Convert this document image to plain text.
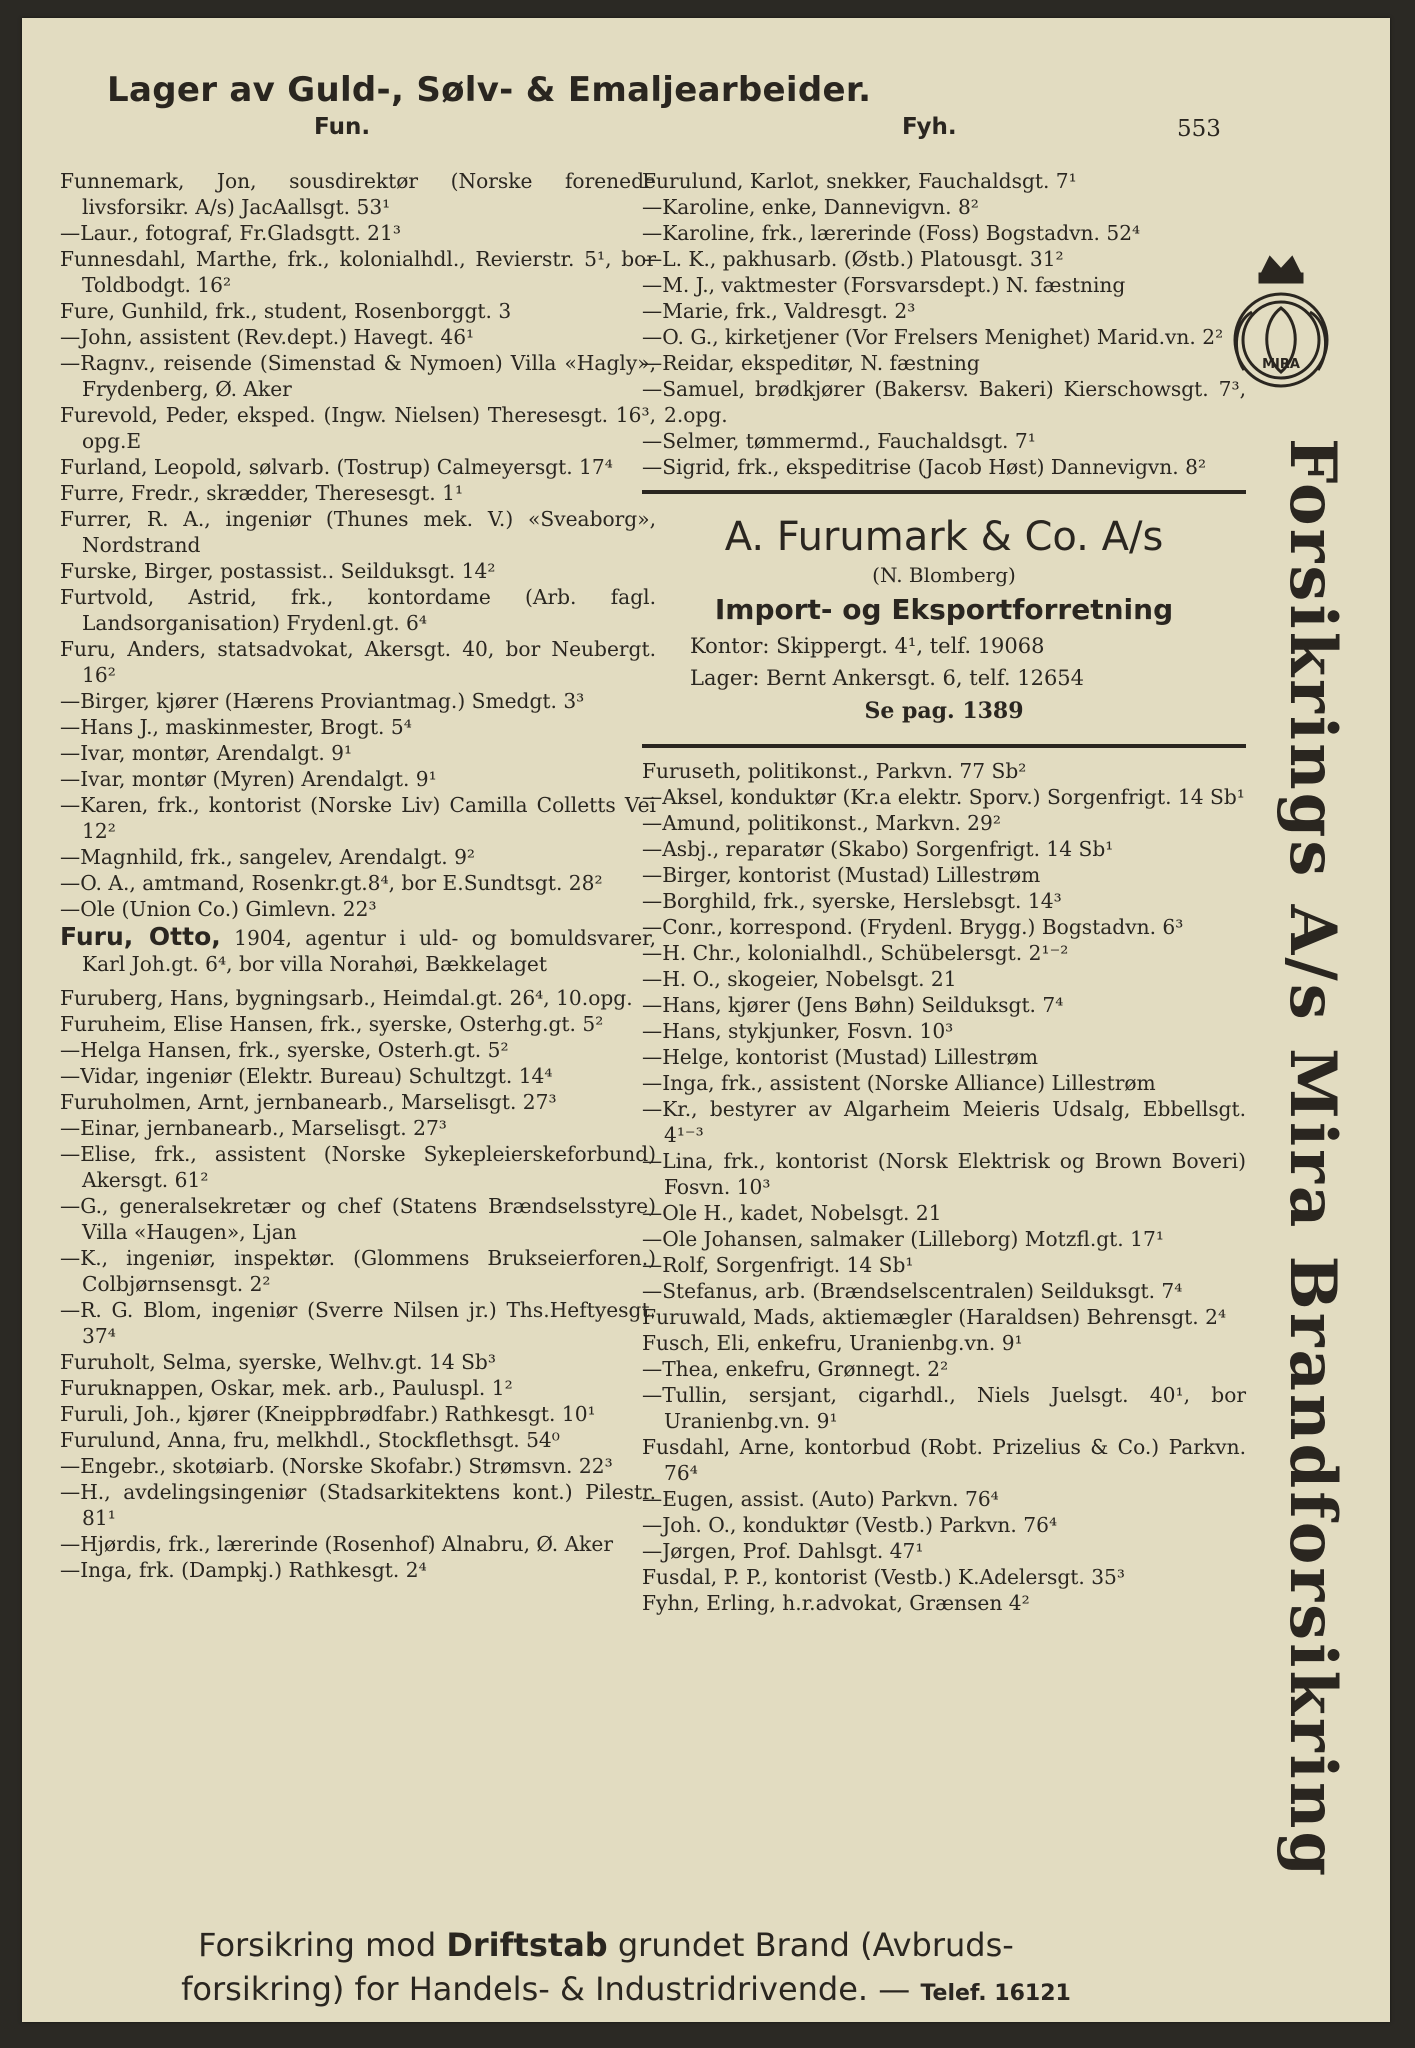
Lager av Guld-, Sølv- & Emaljearbeider.
Fun.	Fyh.	553

Funnemark, Jon, sousdirektør (Norske forenede livsforsikr. A/s) JacAallsgt. 53¹

—Laur., fotograf, Fr.Gladsgtt. 21³

Funnesdahl, Marthe, frk., kolonialhdl., Revierstr. 5¹, bor Toldbodgt. 16²

Fure, Gunhild, frk., student, Rosenborggt. 3

—John, assistent (Rev.dept.) Havegt. 46¹

—Ragnv., reisende (Simenstad & Nymoen) Villa «Hagly», Frydenberg, Ø. Aker

Furevold, Peder, eksped. (Ingw. Nielsen) Theresesgt. 16³, opg.E

Furland, Leopold, sølvarb. (Tostrup) Calmeyersgt. 17⁴

Furre, Fredr., skrædder, Theresesgt. 1¹

Furrer, R. A., ingeniør (Thunes mek. V.) «Sveaborg», Nordstrand

Furske, Birger, postassist.. Seilduksgt. 14²

Furtvold, Astrid, frk., kontordame (Arb. fagl. Landsorganisation) Frydenl.gt. 6⁴

Furu, Anders, statsadvokat, Akersgt. 40, bor Neubergt. 16²

—Birger, kjører (Hærens Proviantmag.) Smedgt. 3³

—Hans J., maskinmester, Brogt. 5⁴

—Ivar, montør, Arendalgt. 9¹

—Ivar, montør (Myren) Arendalgt. 9¹

—Karen, frk., kontorist (Norske Liv) Camilla Colletts Vei 12²

—Magnhild, frk., sangelev, Arendalgt. 9²

—O. A., amtmand, Rosenkr.gt.8⁴, bor E.Sundtsgt. 28²

—Ole (Union Co.) Gimlevn. 22³

Furu, Otto, 1904, agentur i uld- og bomuldsvarer, Karl Joh.gt. 6⁴, bor villa Norahøi, Bækkelaget

Furuberg, Hans, bygningsarb., Heimdal.gt. 26⁴, 10.opg.

Furuheim, Elise Hansen, frk., syerske, Osterhg.gt. 5²

—Helga Hansen, frk., syerske, Osterh.gt. 5²

—Vidar, ingeniør (Elektr. Bureau) Schultzgt. 14⁴

Furuholmen, Arnt, jernbanearb., Marselisgt. 27³

—Einar, jernbanearb., Marselisgt. 27³

—Elise, frk., assistent (Norske Sykepleierskeforbund) Akersgt. 61²

—G., generalsekretær og chef (Statens Brændselsstyre) Villa «Haugen», Ljan

—K., ingeniør, inspektør. (Glommens Brukseierforen.) Colbjørnsensgt. 2²

—R. G. Blom, ingeniør (Sverre Nilsen jr.) Ths.Heftyesgt. 37⁴

Furuholt, Selma, syerske, Welhv.gt. 14 Sb³

Furuknappen, Oskar, mek. arb., Pauluspl. 1²

Furuli, Joh., kjører (Kneippbrødfabr.) Rathkesgt. 10¹

Furulund, Anna, fru, melkhdl., Stockflethsgt. 54⁰

—Engebr., skotøiarb. (Norske Skofabr.) Strømsvn. 22³

—H., avdelingsingeniør (Stadsarkitektens kont.) Pilestr. 81¹

—Hjørdis, frk., lærerinde (Rosenhof) Alnabru, Ø. Aker

—Inga, frk. (Dampkj.) Rathkesgt. 2⁴

Furulund, Karlot, snekker, Fauchaldsgt. 7¹

—Karoline, enke, Dannevigvn. 8²

—Karoline, frk., lærerinde (Foss) Bogstadvn. 52⁴

—L. K., pakhusarb. (Østb.) Platousgt. 31²

—M. J., vaktmester (Forsvarsdept.) N. fæstning

—Marie, frk., Valdresgt. 2³

—O. G., kirketjener (Vor Frelsers Menighet) Marid.vn. 2²

—Reidar, ekspeditør, N. fæstning

—Samuel, brødkjører (Bakersv. Bakeri) Kierschowsgt. 7³, 2.opg.

—Selmer, tømmermd., Fauchaldsgt. 7¹

—Sigrid, frk., ekspeditrise (Jacob Høst) Dannevigvn. 8²

A. Furumark & Co. A/s
(N. Blomberg)
Import- og Eksportforretning
Kontor: Skippergt. 4¹, telf. 19068
Lager: Bernt Ankersgt. 6, telf. 12654
Se pag. 1389

Furuseth, politikonst., Parkvn. 77 Sb²

—Aksel, konduktør (Kr.a elektr. Sporv.) Sorgenfrigt. 14 Sb¹

—Amund, politikonst., Markvn. 29²

—Asbj., reparatør (Skabo) Sorgenfrigt. 14 Sb¹

—Birger, kontorist (Mustad) Lillestrøm

—Borghild, frk., syerske, Herslebsgt. 14³

—Conr., korrespond. (Frydenl. Brygg.) Bogstadvn. 6³

—H. Chr., kolonialhdl., Schübelersgt. 2¹⁻²

—H. O., skogeier, Nobelsgt. 21

—Hans, kjører (Jens Bøhn) Seilduksgt. 7⁴

—Hans, stykjunker, Fosvn. 10³

—Helge, kontorist (Mustad) Lillestrøm

—Inga, frk., assistent (Norske Alliance) Lillestrøm

—Kr., bestyrer av Algarheim Meieris Udsalg, Ebbellsgt. 4¹⁻³

—Lina, frk., kontorist (Norsk Elektrisk og Brown Boveri) Fosvn. 10³

—Ole H., kadet, Nobelsgt. 21

—Ole Johansen, salmaker (Lilleborg) Motzfl.gt. 17¹

—Rolf, Sorgenfrigt. 14 Sb¹

—Stefanus, arb. (Brændselscentralen) Seilduksgt. 7⁴

Furuwald, Mads, aktiemægler (Haraldsen) Behrensgt. 2⁴

Fusch, Eli, enkefru, Uranienbg.vn. 9¹

—Thea, enkefru, Grønnegt. 2²

—Tullin, sersjant, cigarhdl., Niels Juelsgt. 40¹, bor Uranienbg.vn. 9¹

Fusdahl, Arne, kontorbud (Robt. Prizelius & Co.) Parkvn. 76⁴

—Eugen, assist. (Auto) Parkvn. 76⁴

—Joh. O., konduktør (Vestb.) Parkvn. 76⁴

—Jørgen, Prof. Dahlsgt. 47¹

Fusdal, P. P., kontorist (Vestb.) K.Adelersgt. 35³

Fyhn, Erling, h.r.advokat, Grænsen 4²

MIRA
Forsikrings A/s Mira Brandforsikring
Forsikring mod Driftstab grundet Brand (Avbruds-
forsikring) for Handels- & Industridrivende. — Telef. 16121
